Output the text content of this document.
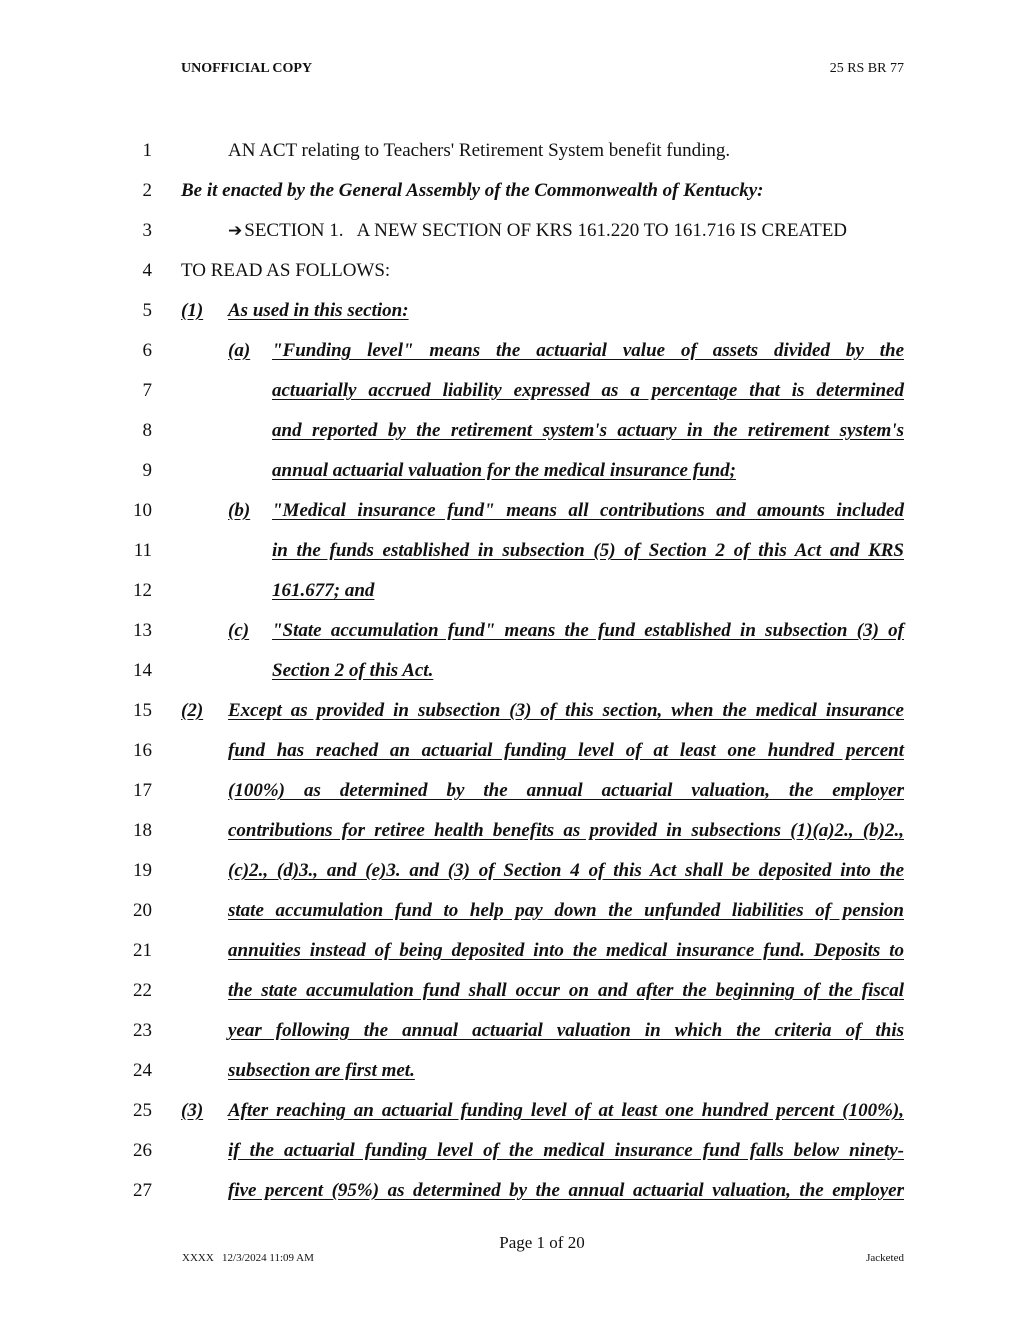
UNOFFICIAL COPY	25 RS BR 77
1	AN ACT relating to Teachers' Retirement System benefit funding.
2 Be it enacted by the General Assembly of the Commonwealth of Kentucky:
3	➔ SECTION 1.   A NEW SECTION OF KRS 161.220 TO 161.716 IS CREATED
4 TO READ AS FOLLOWS:
5 (1) As used in this section:
6	(a) "Funding level" means the actuarial value of assets divided by the
7	actuarially accrued liability expressed as a percentage that is determined
8	and reported by the retirement system's actuary in the retirement system's
9	annual actuarial valuation for the medical insurance fund;
10	(b) "Medical insurance fund" means all contributions and amounts included
11	in the funds established in subsection (5) of Section 2 of this Act and KRS
12	161.677; and
13	(c) "State accumulation fund" means the fund established in subsection (3) of
14	Section 2 of this Act.
15 (2) Except as provided in subsection (3) of this section, when the medical insurance
16	fund has reached an actuarial funding level of at least one hundred percent
17	(100%) as determined by the annual actuarial valuation, the employer
18	contributions for retiree health benefits as provided in subsections (1)(a)2., (b)2.,
19	(c)2., (d)3., and (e)3. and (3) of Section 4 of this Act shall be deposited into the
20	state accumulation fund to help pay down the unfunded liabilities of pension
21	annuities instead of being deposited into the medical insurance fund. Deposits to
22	the state accumulation fund shall occur on and after the beginning of the fiscal
23	year following the annual actuarial valuation in which the criteria of this
24	subsection are first met.
25 (3) After reaching an actuarial funding level of at least one hundred percent (100%),
26	if the actuarial funding level of the medical insurance fund falls below ninety-
27	five percent (95%) as determined by the annual actuarial valuation, the employer
Page 1 of 20
XXXX   12/3/2024 11:09 AM	Jacketed
